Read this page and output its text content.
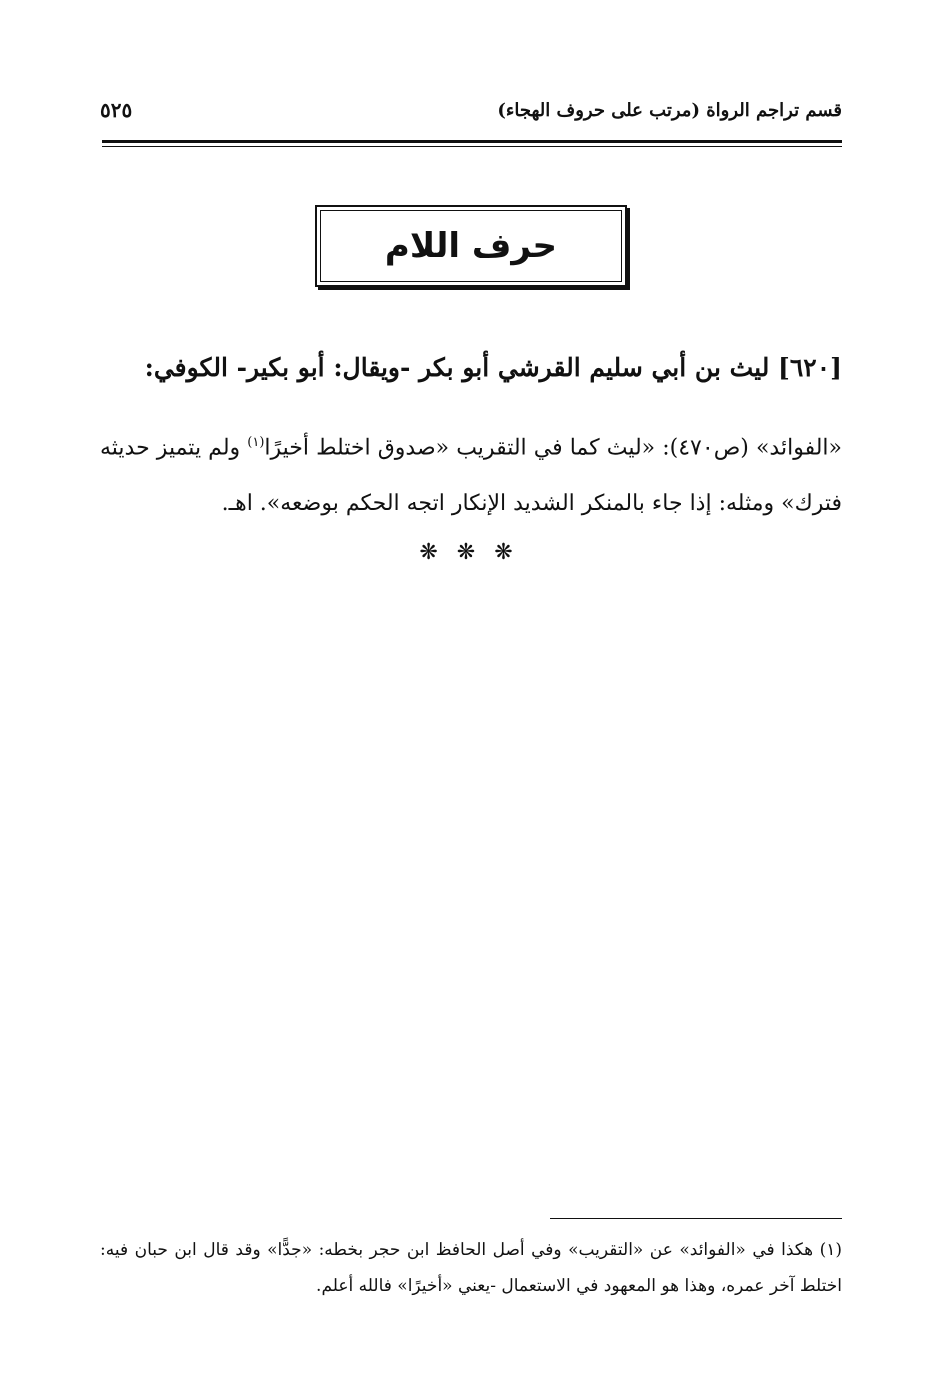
قسم تراجم الرواة (مرتب على حروف الهجاء)
٥٢٥
حرف اللام
[٦٢٠] ليث بن أبي سليم القرشي أبو بكر -ويقال: أبو بكير- الكوفي:
«الفوائد» (ص٤٧٠): «ليث كما في التقريب «صدوق اختلط أخيرًا$^{(١)}$ ولم يتميز حديثه فترك» ومثله: إذا جاء بالمنكر الشديد الإنكار اتجه الحكم بوضعه». اهـ.
❋ ❋ ❋
(١) هكذا في «الفوائد» عن «التقريب» وفي أصل الحافظ ابن حجر بخطه: «جدًّا» وقد قال ابن حبان فيه: اختلط آخر عمره، وهذا هو المعهود في الاستعمال -يعني «أخيرًا» فالله أعلم.
